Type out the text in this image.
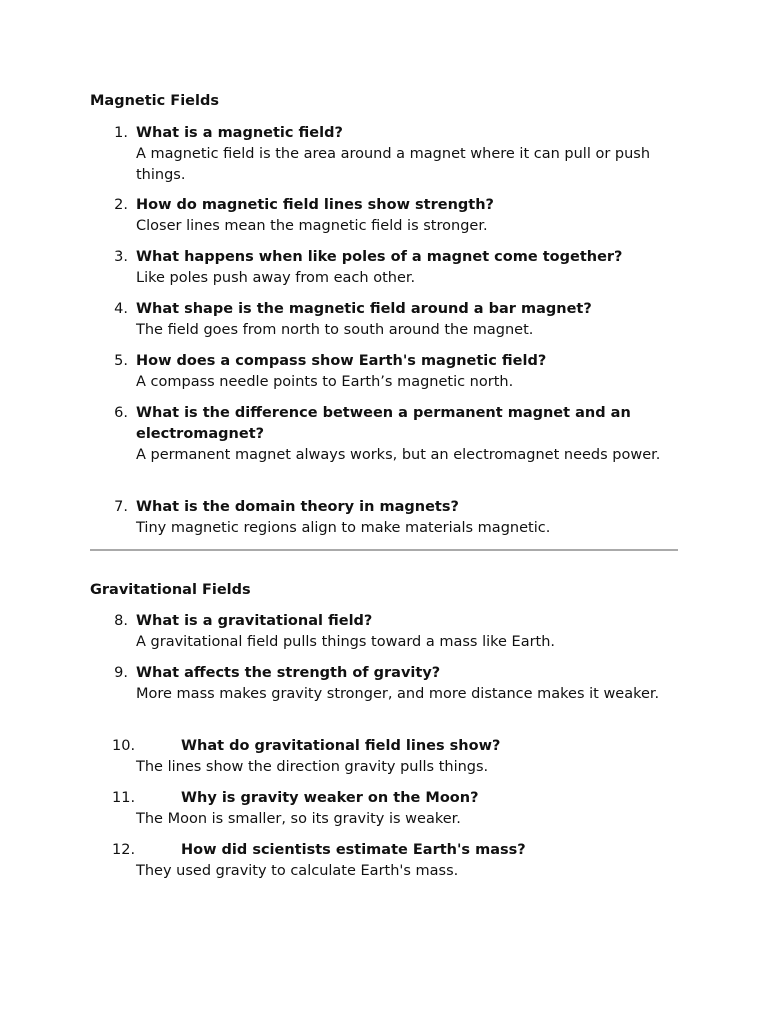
Magnetic Fields
1. What is a magnetic field?

A magnetic field is the area around a magnet where it can pull or push things.

2. How do magnetic field lines show strength?

Closer lines mean the magnetic field is stronger.

3. What happens when like poles of a magnet come together?

Like poles push away from each other.

4. What shape is the magnetic field around a bar magnet?

The field goes from north to south around the magnet.

5. How does a compass show Earth's magnetic field?

A compass needle points to Earth’s magnetic north.

6. What is the difference between a permanent magnet and an electromagnet?

A permanent magnet always works, but an electromagnet needs power.

7. What is the domain theory in magnets?

Tiny magnetic regions align to make materials magnetic.

Gravitational Fields
8. What is a gravitational field?

A gravitational field pulls things toward a mass like Earth.

9. What affects the strength of gravity?

More mass makes gravity stronger, and more distance makes it weaker.

10.	What do gravitational field lines show?

The lines show the direction gravity pulls things.

11.	Why is gravity weaker on the Moon?

The Moon is smaller, so its gravity is weaker.

12.	How did scientists estimate Earth's mass?

They used gravity to calculate Earth's mass.
